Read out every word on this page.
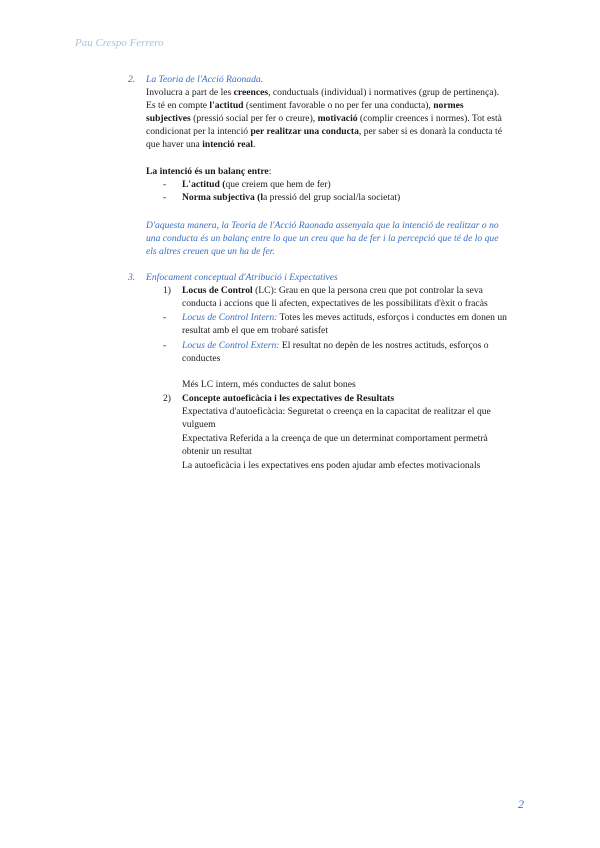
Pau Crespo Ferrero
2. La Teoria de l'Acció Raonada.
Involucra a part de les creences, conductuals (individual) i normatives (grup de pertinença).
Es té en compte l'actitud (sentiment favorable o no per fer una conducta), normes
subjectives (pressió social per fer o creure), motivació (complir creences i normes). Tot està
condicionat per la intenció per realitzar una conducta, per saber si es donarà la conducta té
que haver una intenció real.
La intenció és un balanç entre:
- L'actitud (que creiem que hem de fer)
- Norma subjectiva (la pressió del grup social/la societat)
D'aquesta manera, la Teoria de l'Acció Raonada assenyala que la intenció de realitzar o no
una conducta és un balanç entre lo que un creu que ha de fer i la percepció que té de lo que
els altres creuen que un ha de fer.
3. Enfocament conceptual d'Atribució i Expectatives
1) Locus de Control (LC): Grau en que la persona creu que pot controlar la seva
conducta i accions que li afecten, expectatives de les possibilitats d'èxit o fracàs
- Locus de Control Intern: Totes les meves actituds, esforços i conductes em donen un
resultat amb el que em trobaré satisfet
- Locus de Control Extern: El resultat no depèn de les nostres actituds, esforços o
conductes
Més LC intern, més conductes de salut bones
2) Concepte autoeficàcia i les expectatives de Resultats
Expectativa d'autoeficàcia: Seguretat o creença en la capacitat de realitzar el que
vulguem
Expectativa Referida a la creença de que un determinat comportament permetrà
obtenir un resultat
La autoeficàcia i les expectatives ens poden ajudar amb efectes motivacionals
2
